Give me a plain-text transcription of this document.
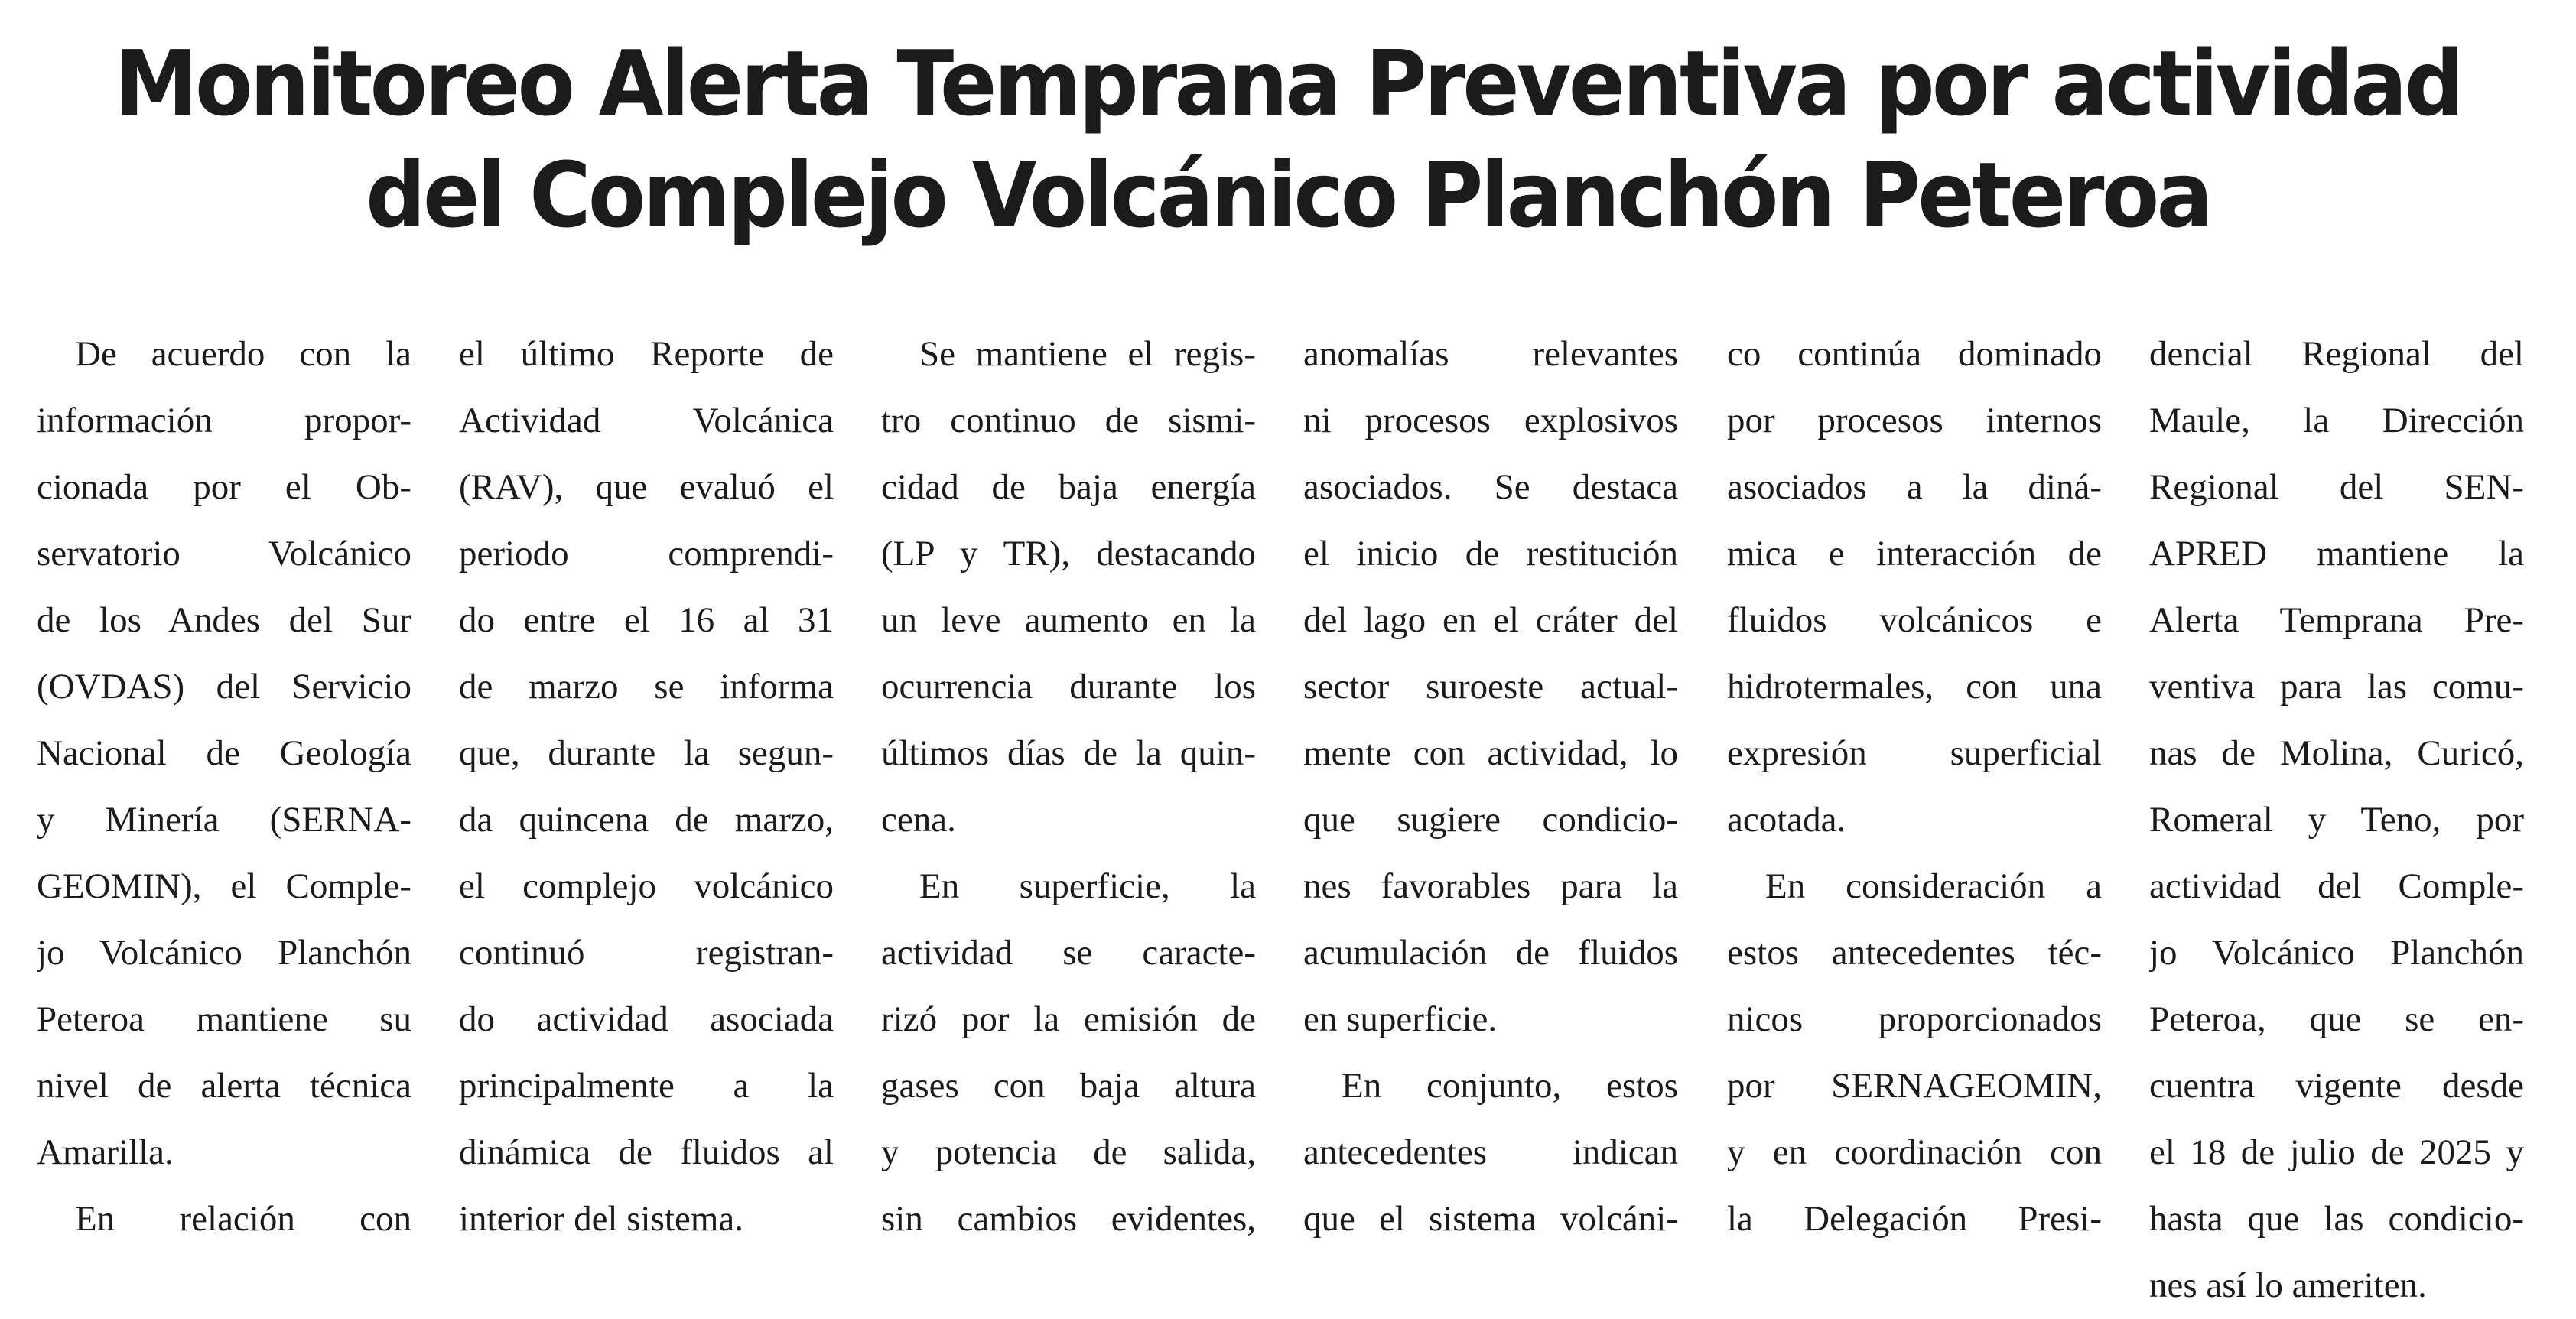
Monitoreo Alerta Temprana Preventiva por actividad
del Complejo Volcánico Planchón Peteroa

De acuerdo con la

información propor-

cionada por el Ob-

servatorio Volcánico

de los Andes del Sur

(OVDAS) del Servicio

Nacional de Geología

y Minería (SERNA-

GEOMIN), el Comple-

jo Volcánico Planchón

Peteroa mantiene su

nivel de alerta técnica

Amarilla.

En relación con

el último Reporte de

Actividad Volcánica

(RAV), que evaluó el

periodo comprendi-

do entre el 16 al 31

de marzo se informa

que, durante la segun-

da quincena de marzo,

el complejo volcánico

continuó registran-

do actividad asociada

principalmente a la

dinámica de fluidos al

interior del sistema.

Se mantiene el regis-

tro continuo de sismi-

cidad de baja energía

(LP y TR), destacando

un leve aumento en la

ocurrencia durante los

últimos días de la quin-

cena.

En superficie, la

actividad se caracte-

rizó por la emisión de

gases con baja altura

y potencia de salida,

sin cambios evidentes,

anomalías relevantes

ni procesos explosivos

asociados. Se destaca

el inicio de restitución

del lago en el cráter del

sector suroeste actual-

mente con actividad, lo

que sugiere condicio-

nes favorables para la

acumulación de fluidos

en superficie.

En conjunto, estos

antecedentes indican

que el sistema volcáni-

co continúa dominado

por procesos internos

asociados a la diná-

mica e interacción de

fluidos volcánicos e

hidrotermales, con una

expresión superficial

acotada.

En consideración a

estos antecedentes téc-

nicos proporcionados

por SERNAGEOMIN,

y en coordinación con

la Delegación Presi-

dencial Regional del

Maule, la Dirección

Regional del SEN-

APRED mantiene la

Alerta Temprana Pre-

ventiva para las comu-

nas de Molina, Curicó,

Romeral y Teno, por

actividad del Comple-

jo Volcánico Planchón

Peteroa, que se en-

cuentra vigente desde

el 18 de julio de 2025 y

hasta que las condicio-

nes así lo ameriten.
